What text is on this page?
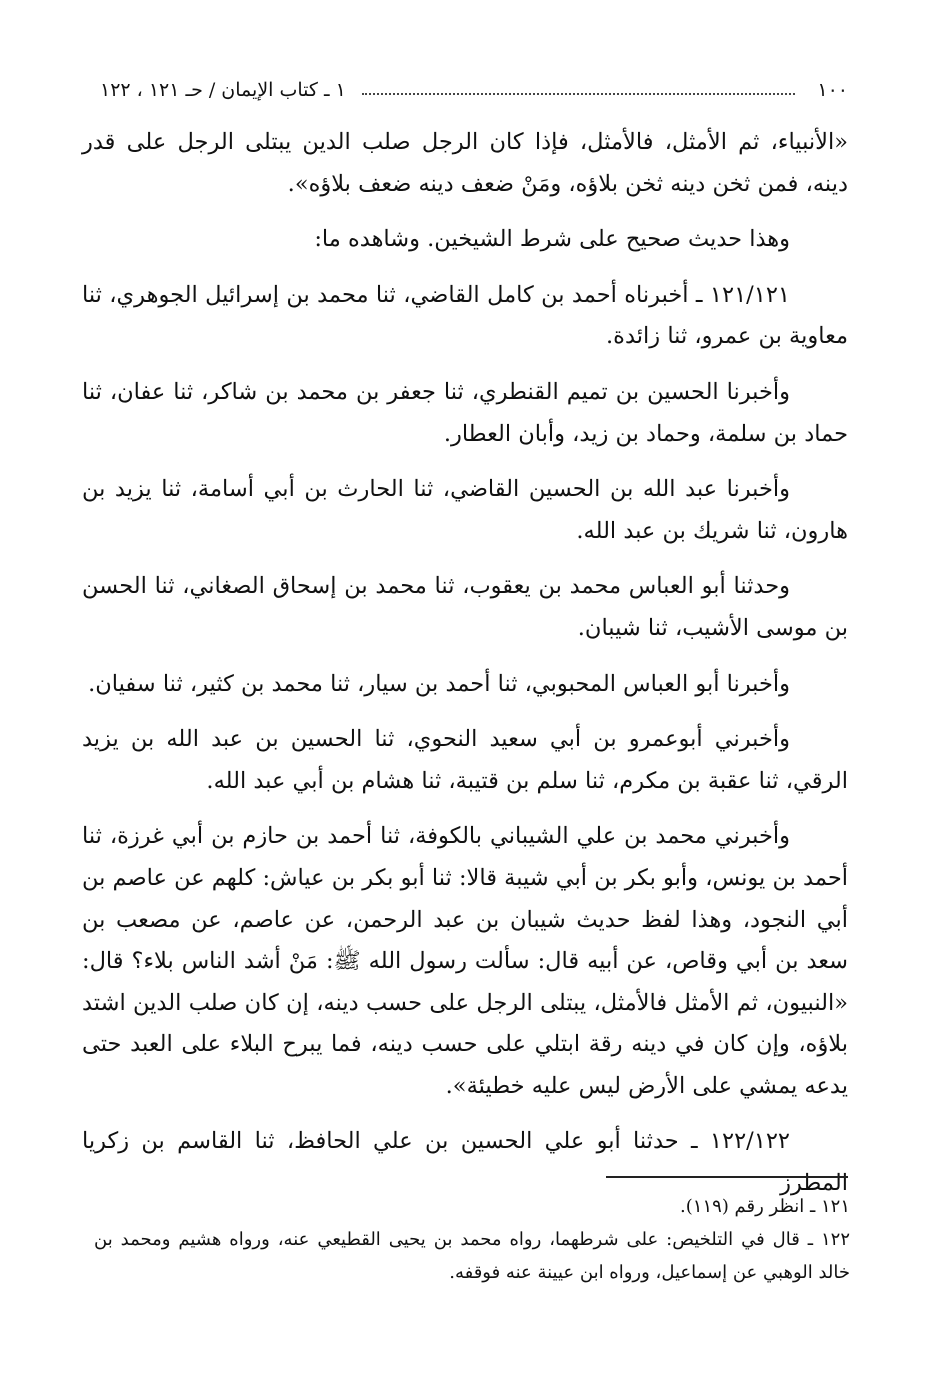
١٠٠
١ ـ كتاب الإيمان / حـ ١٢١ ، ١٢٢

«الأنبياء، ثم الأمثل، فالأمثل، فإذا كان الرجل صلب الدين يبتلى الرجل على قدر دينه، فمن ثخن دينه ثخن بلاؤه، ومَنْ ضعف دينه ضعف بلاؤه».

وهذا حديث صحيح على شرط الشيخين. وشاهده ما:

١٢١/١٢١ ـ أخبرناه أحمد بن كامل القاضي، ثنا محمد بن إسرائيل الجوهري، ثنا معاوية بن عمرو، ثنا زائدة.

وأخبرنا الحسين بن تميم القنطري، ثنا جعفر بن محمد بن شاكر، ثنا عفان، ثنا حماد بن سلمة، وحماد بن زيد، وأبان العطار.

وأخبرنا عبد الله بن الحسين القاضي، ثنا الحارث بن أبي أسامة، ثنا يزيد بن هارون، ثنا شريك بن عبد الله.

وحدثنا أبو العباس محمد بن يعقوب، ثنا محمد بن إسحاق الصغاني، ثنا الحسن بن موسى الأشيب، ثنا شيبان.

وأخبرنا أبو العباس المحبوبي، ثنا أحمد بن سيار، ثنا محمد بن كثير، ثنا سفيان.

وأخبرني أبوعمرو بن أبي سعيد النحوي، ثنا الحسين بن عبد الله بن يزيد الرقي، ثنا عقبة بن مكرم، ثنا سلم بن قتيبة، ثنا هشام بن أبي عبد الله.

وأخبرني محمد بن علي الشيباني بالكوفة، ثنا أحمد بن حازم بن أبي غرزة، ثنا أحمد بن يونس، وأبو بكر بن أبي شيبة قالا: ثنا أبو بكر بن عياش: كلهم عن عاصم بن أبي النجود، وهذا لفظ حديث شيبان بن عبد الرحمن، عن عاصم، عن مصعب بن سعد بن أبي وقاص، عن أبيه قال: سألت رسول الله ﷺ: مَنْ أشد الناس بلاء؟ قال: «النبيون، ثم الأمثل فالأمثل، يبتلى الرجل على حسب دينه، إن كان صلب الدين اشتد بلاؤه، وإن كان في دينه رقة ابتلي على حسب دينه، فما يبرح البلاء على العبد حتى يدعه يمشي على الأرض ليس عليه خطيئة».

١٢٢/١٢٢ ـ حدثنا أبو علي الحسين بن علي الحافظ، ثنا القاسم بن زكريا المطرز

١٢١ ـ انظر رقم (١١٩).

١٢٢ ـ قال في التلخيص: على شرطهما، رواه محمد بن يحيى القطيعي عنه، ورواه هشيم ومحمد بن خالد الوهبي عن إسماعيل، ورواه ابن عيينة عنه فوقفه.
